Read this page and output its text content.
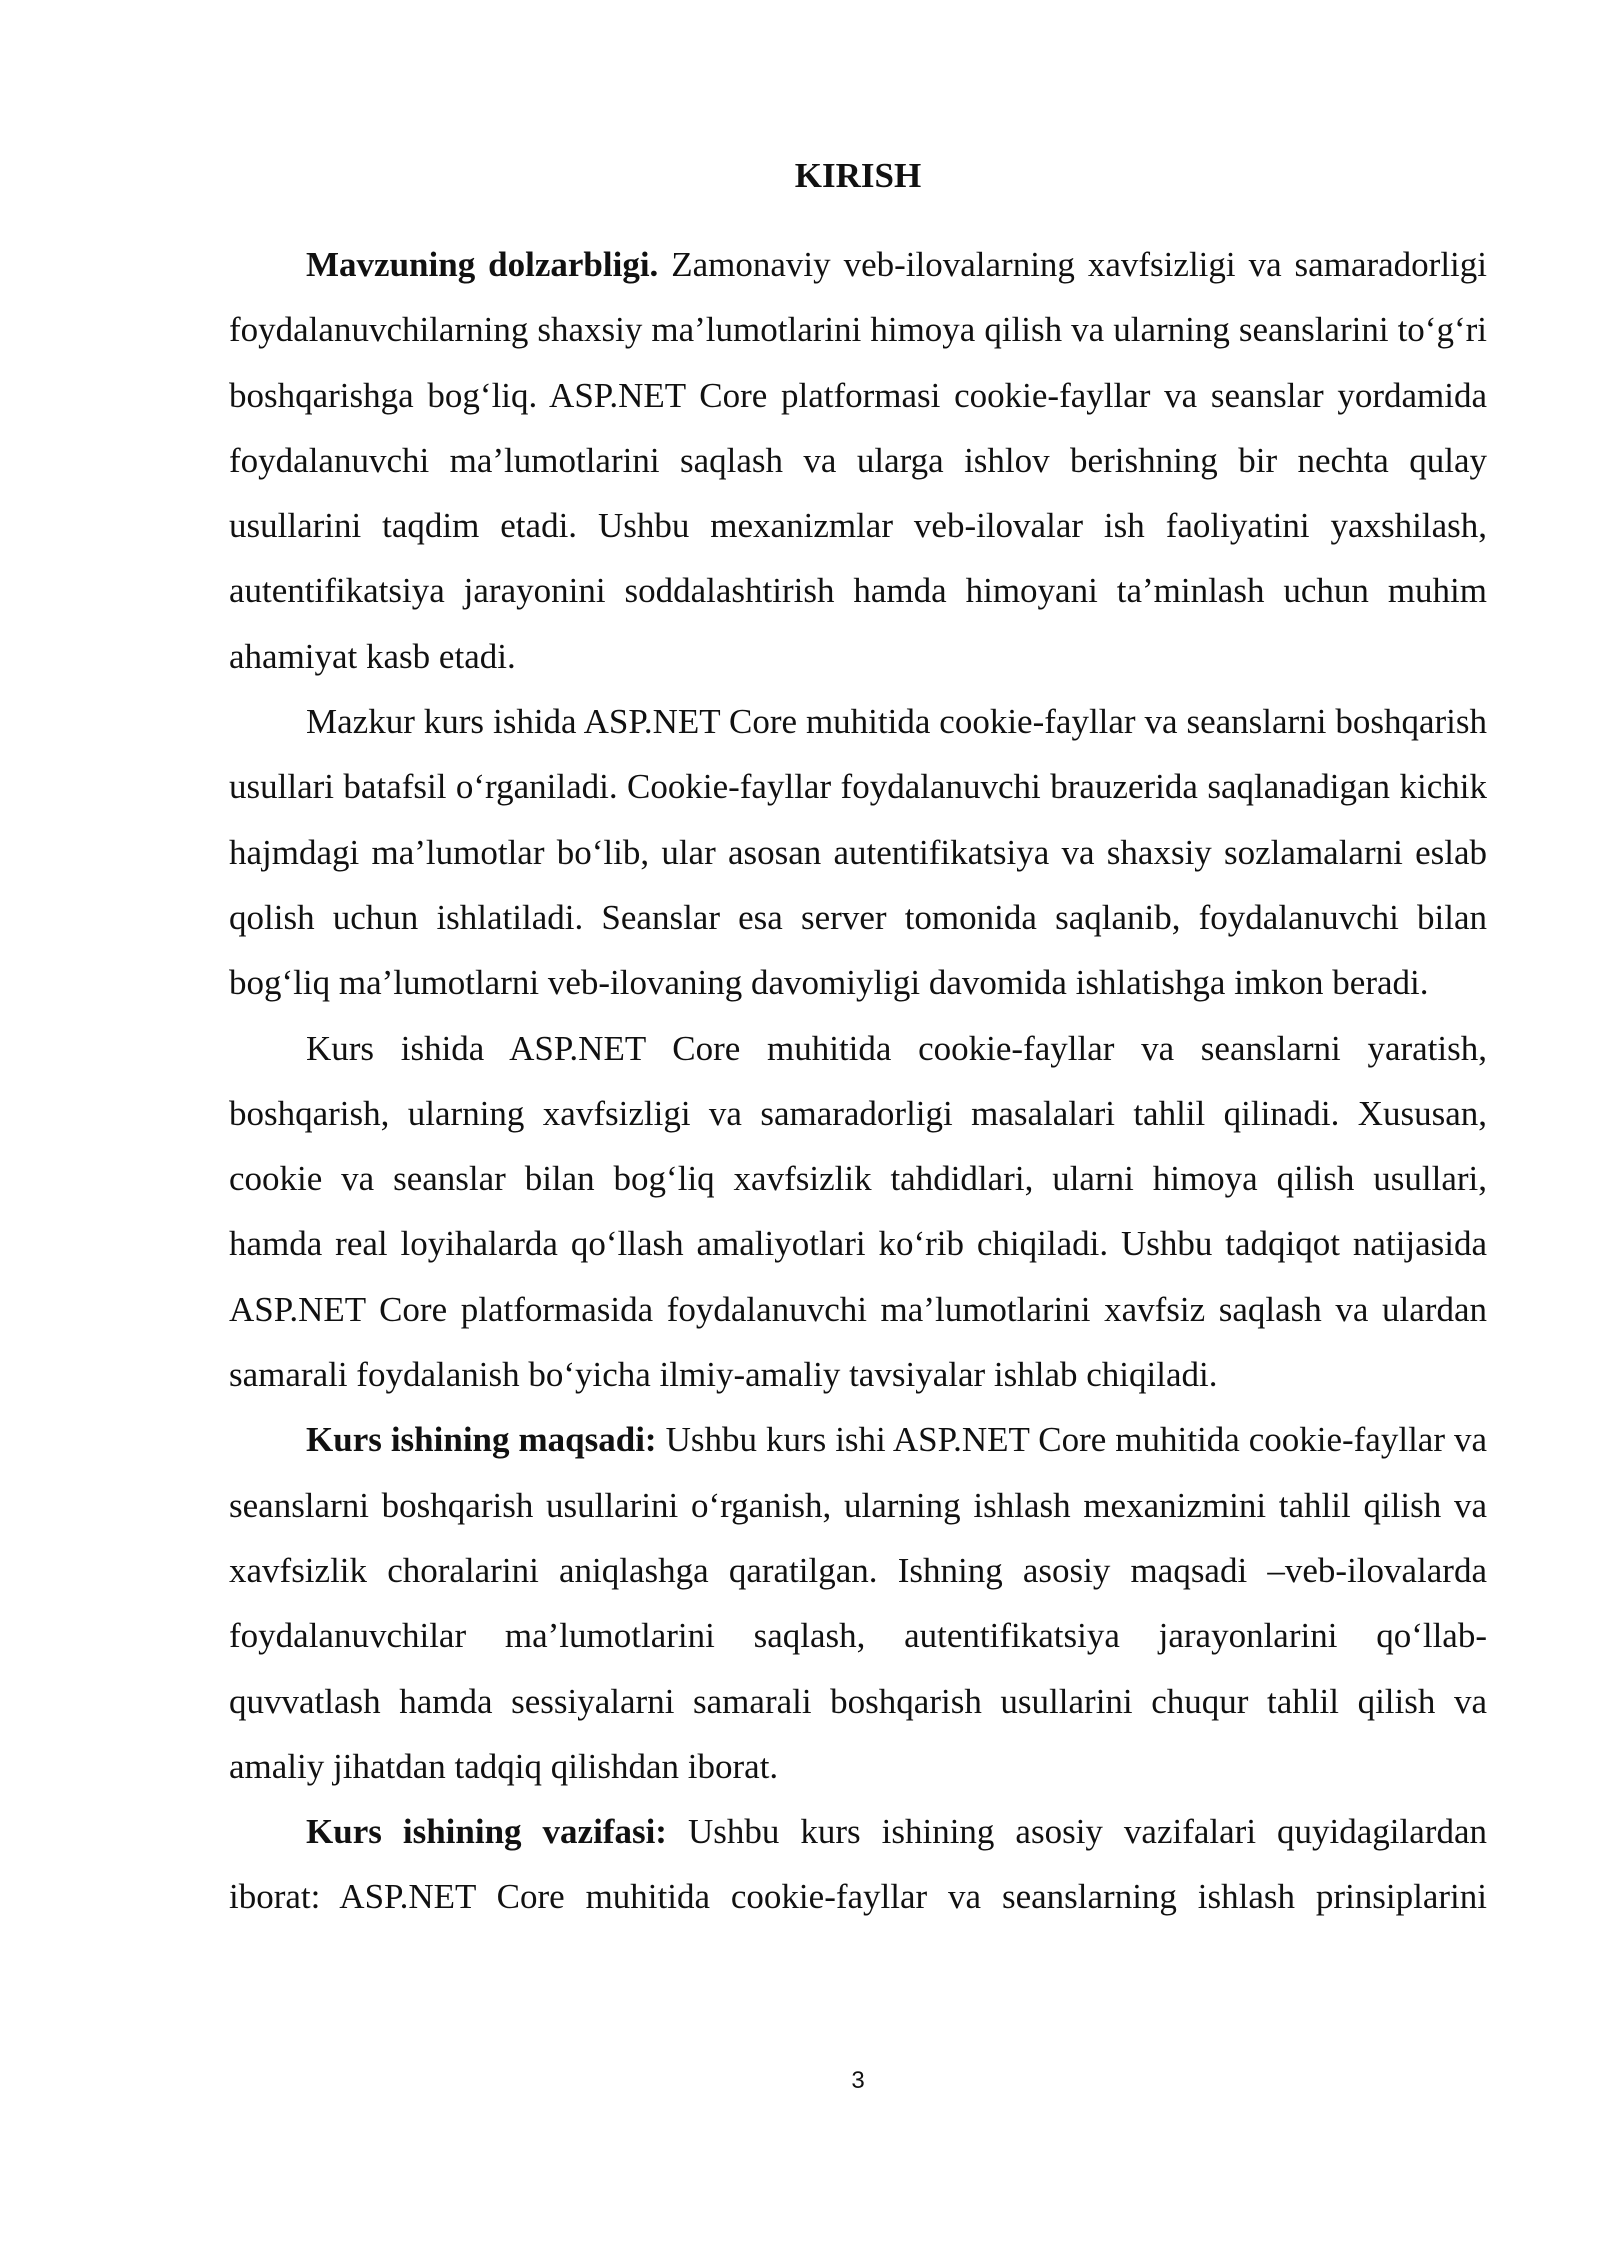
KIRISH

Mavzuning dolzarbligi. Zamonaviy veb-ilovalarning xavfsizligi va samaradorligi foydalanuvchilarning shaxsiy ma’lumotlarini himoya qilish va ularning seanslarini to‘g‘ri boshqarishga bog‘liq. ASP.NET Core platformasi cookie-fayllar va seanslar yordamida foydalanuvchi ma’lumotlarini saqlash va ularga ishlov berishning bir nechta qulay usullarini taqdim etadi. Ushbu mexanizmlar veb-ilovalar ish faoliyatini yaxshilash, autentifikatsiya jarayonini soddalashtirish hamda himoyani ta’minlash uchun muhim ahamiyat kasb etadi.

Mazkur kurs ishida ASP.NET Core muhitida cookie-fayllar va seanslarni boshqarish usullari batafsil o‘rganiladi. Cookie-fayllar foydalanuvchi brauzerida saqlanadigan kichik hajmdagi ma’lumotlar bo‘lib, ular asosan autentifikatsiya va shaxsiy sozlamalarni eslab qolish uchun ishlatiladi. Seanslar esa server tomonida saqlanib, foydalanuvchi bilan bog‘liq ma’lumotlarni veb-ilovaning davomiyligi davomida ishlatishga imkon beradi.

Kurs ishida ASP.NET Core muhitida cookie-fayllar va seanslarni yaratish, boshqarish, ularning xavfsizligi va samaradorligi masalalari tahlil qilinadi. Xususan, cookie va seanslar bilan bog‘liq xavfsizlik tahdidlari, ularni himoya qilish usullari, hamda real loyihalarda qo‘llash amaliyotlari ko‘rib chiqiladi. Ushbu tadqiqot natijasida ASP.NET Core platformasida foydalanuvchi ma’lumotlarini xavfsiz saqlash va ulardan samarali foydalanish bo‘yicha ilmiy-amaliy tavsiyalar ishlab chiqiladi.

Kurs ishining maqsadi: Ushbu kurs ishi ASP.NET Core muhitida cookie-fayllar va seanslarni boshqarish usullarini o‘rganish, ularning ishlash mexanizmini tahlil qilish va xavfsizlik choralarini aniqlashga qaratilgan. Ishning asosiy maqsadi –veb-ilovalarda foydalanuvchilar ma’lumotlarini saqlash, autentifikatsiya jarayonlarini qo‘llab-quvvatlash hamda sessiyalarni samarali boshqarish usullarini chuqur tahlil qilish va amaliy jihatdan tadqiq qilishdan iborat.

Kurs ishining vazifasi: Ushbu kurs ishining asosiy vazifalari quyidagilardan iborat: ASP.NET Core muhitida cookie-fayllar va seanslarning ishlash prinsiplarini

3
